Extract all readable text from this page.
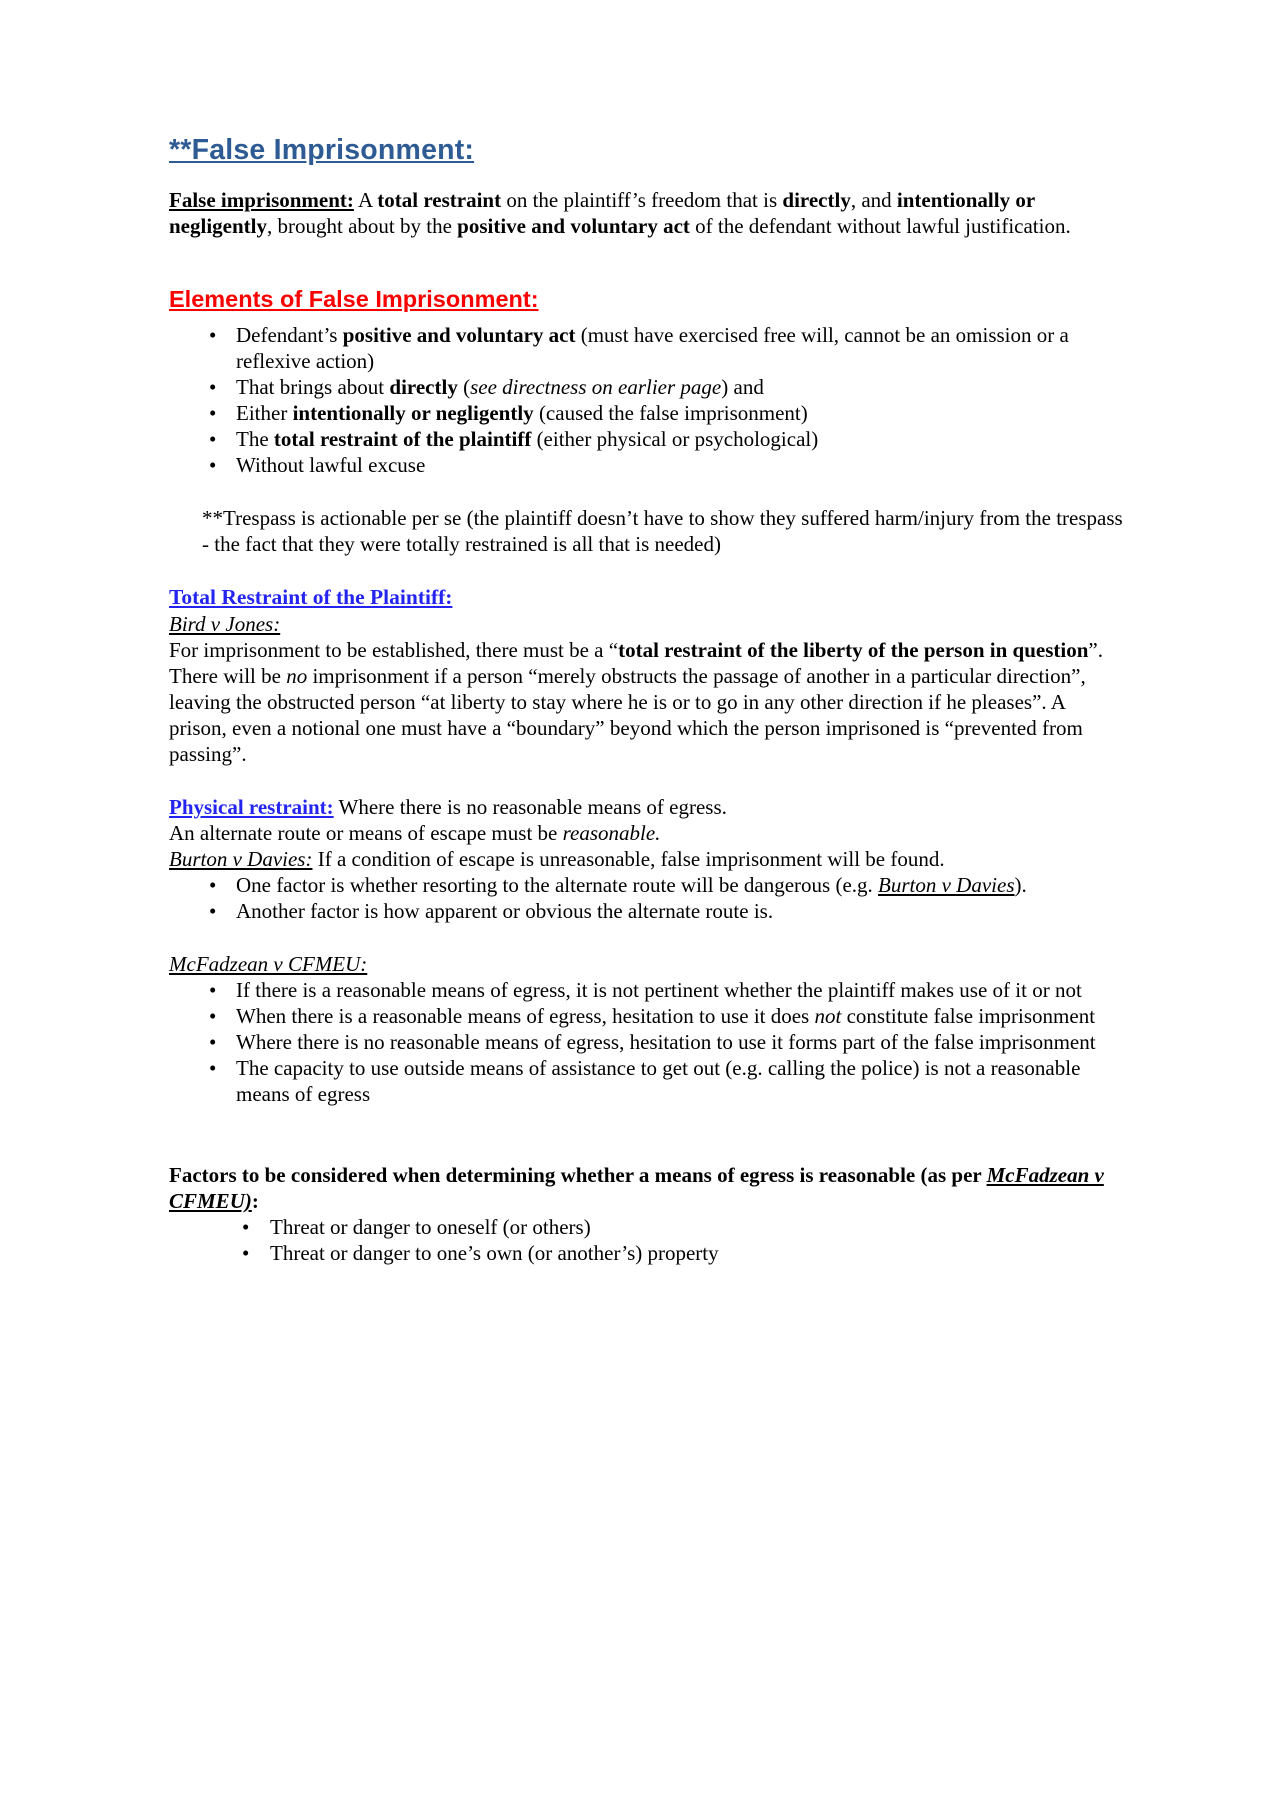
**False Imprisonment:
False imprisonment: A total restraint on the plaintiff’s freedom that is directly, and intentionally or negligently, brought about by the positive and voluntary act of the defendant without lawful justification.
Elements of False Imprisonment:
• Defendant’s positive and voluntary act (must have exercised free will, cannot be an omission or a reflexive action)
• That brings about directly (see directness on earlier page) and
• Either intentionally or negligently (caused the false imprisonment)
• The total restraint of the plaintiff (either physical or psychological)
• Without lawful excuse
**Trespass is actionable per se (the plaintiff doesn’t have to show they suffered harm/injury from the trespass - the fact that they were totally restrained is all that is needed)
Total Restraint of the Plaintiff:
Bird v Jones:
For imprisonment to be established, there must be a “total restraint of the liberty of the person in question”. There will be no imprisonment if a person “merely obstructs the passage of another in a particular direction”, leaving the obstructed person “at liberty to stay where he is or to go in any other direction if he pleases”. A prison, even a notional one must have a “boundary” beyond which the person imprisoned is “prevented from passing”.
Physical restraint: Where there is no reasonable means of egress.
An alternate route or means of escape must be reasonable.
Burton v Davies: If a condition of escape is unreasonable, false imprisonment will be found.
• One factor is whether resorting to the alternate route will be dangerous (e.g. Burton v Davies).
• Another factor is how apparent or obvious the alternate route is.
McFadzean v CFMEU:
• If there is a reasonable means of egress, it is not pertinent whether the plaintiff makes use of it or not
• When there is a reasonable means of egress, hesitation to use it does not constitute false imprisonment
• Where there is no reasonable means of egress, hesitation to use it forms part of the false imprisonment
• The capacity to use outside means of assistance to get out (e.g. calling the police) is not a reasonable means of egress
Factors to be considered when determining whether a means of egress is reasonable (as per McFadzean v CFMEU):
• Threat or danger to oneself (or others)
• Threat or danger to one’s own (or another’s) property
